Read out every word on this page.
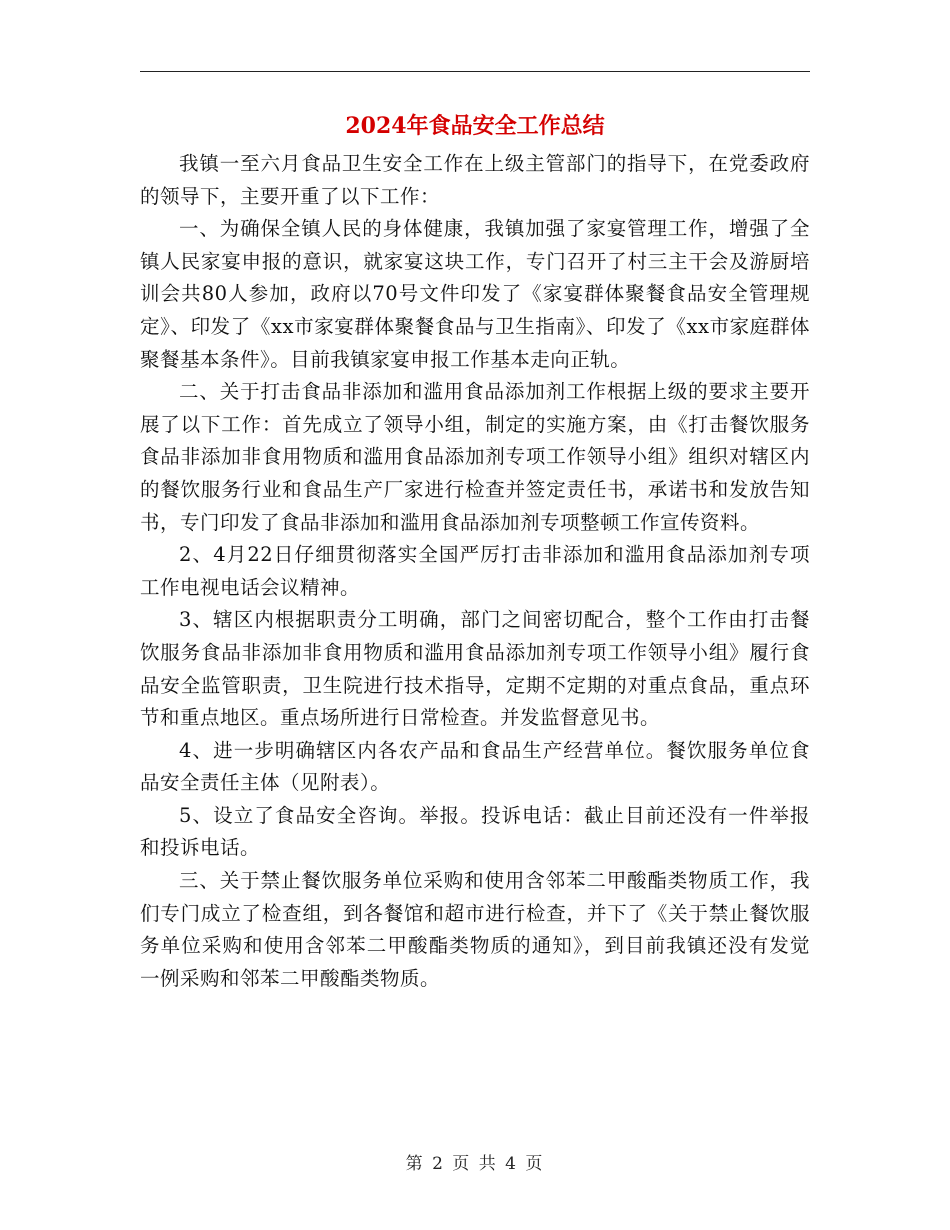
2024年食品安全工作总结

我镇一至六月食品卫生安全工作在上级主管部门的指导下，在党委政府的领导下，主要开重了以下工作：

一、为确保全镇人民的身体健康，我镇加强了家宴管理工作，增强了全镇人民家宴申报的意识，就家宴这块工作，专门召开了村三主干会及游厨培训会共80人参加，政府以70号文件印发了《家宴群体聚餐食品安全管理规定》、印发了《xx市家宴群体聚餐食品与卫生指南》、印发了《xx市家庭群体聚餐基本条件》。目前我镇家宴申报工作基本走向正轨。

二、关于打击食品非添加和滥用食品添加剂工作根据上级的要求主要开展了以下工作：首先成立了领导小组，制定的实施方案，由《打击餐饮服务食品非添加非食用物质和滥用食品添加剂专项工作领导小组》组织对辖区内的餐饮服务行业和食品生产厂家进行检查并签定责任书，承诺书和发放告知书，专门印发了食品非添加和滥用食品添加剂专项整顿工作宣传资料。

2、4月22日仔细贯彻落实全国严厉打击非添加和滥用食品添加剂专项工作电视电话会议精神。

3、辖区内根据职责分工明确，部门之间密切配合，整个工作由打击餐饮服务食品非添加非食用物质和滥用食品添加剂专项工作领导小组》履行食品安全监管职责，卫生院进行技术指导，定期不定期的对重点食品，重点环节和重点地区。重点场所进行日常检查。并发监督意见书。

4、进一步明确辖区内各农产品和食品生产经营单位。餐饮服务单位食品安全责任主体（见附表）。

5、设立了食品安全咨询。举报。投诉电话：截止目前还没有一件举报和投诉电话。

三、关于禁止餐饮服务单位采购和使用含邻苯二甲酸酯类物质工作，我们专门成立了检查组，到各餐馆和超市进行检查，并下了《关于禁止餐饮服务单位采购和使用含邻苯二甲酸酯类物质的通知》，到目前我镇还没有发觉一例采购和邻苯二甲酸酯类物质。

第 2 页 共 4 页
